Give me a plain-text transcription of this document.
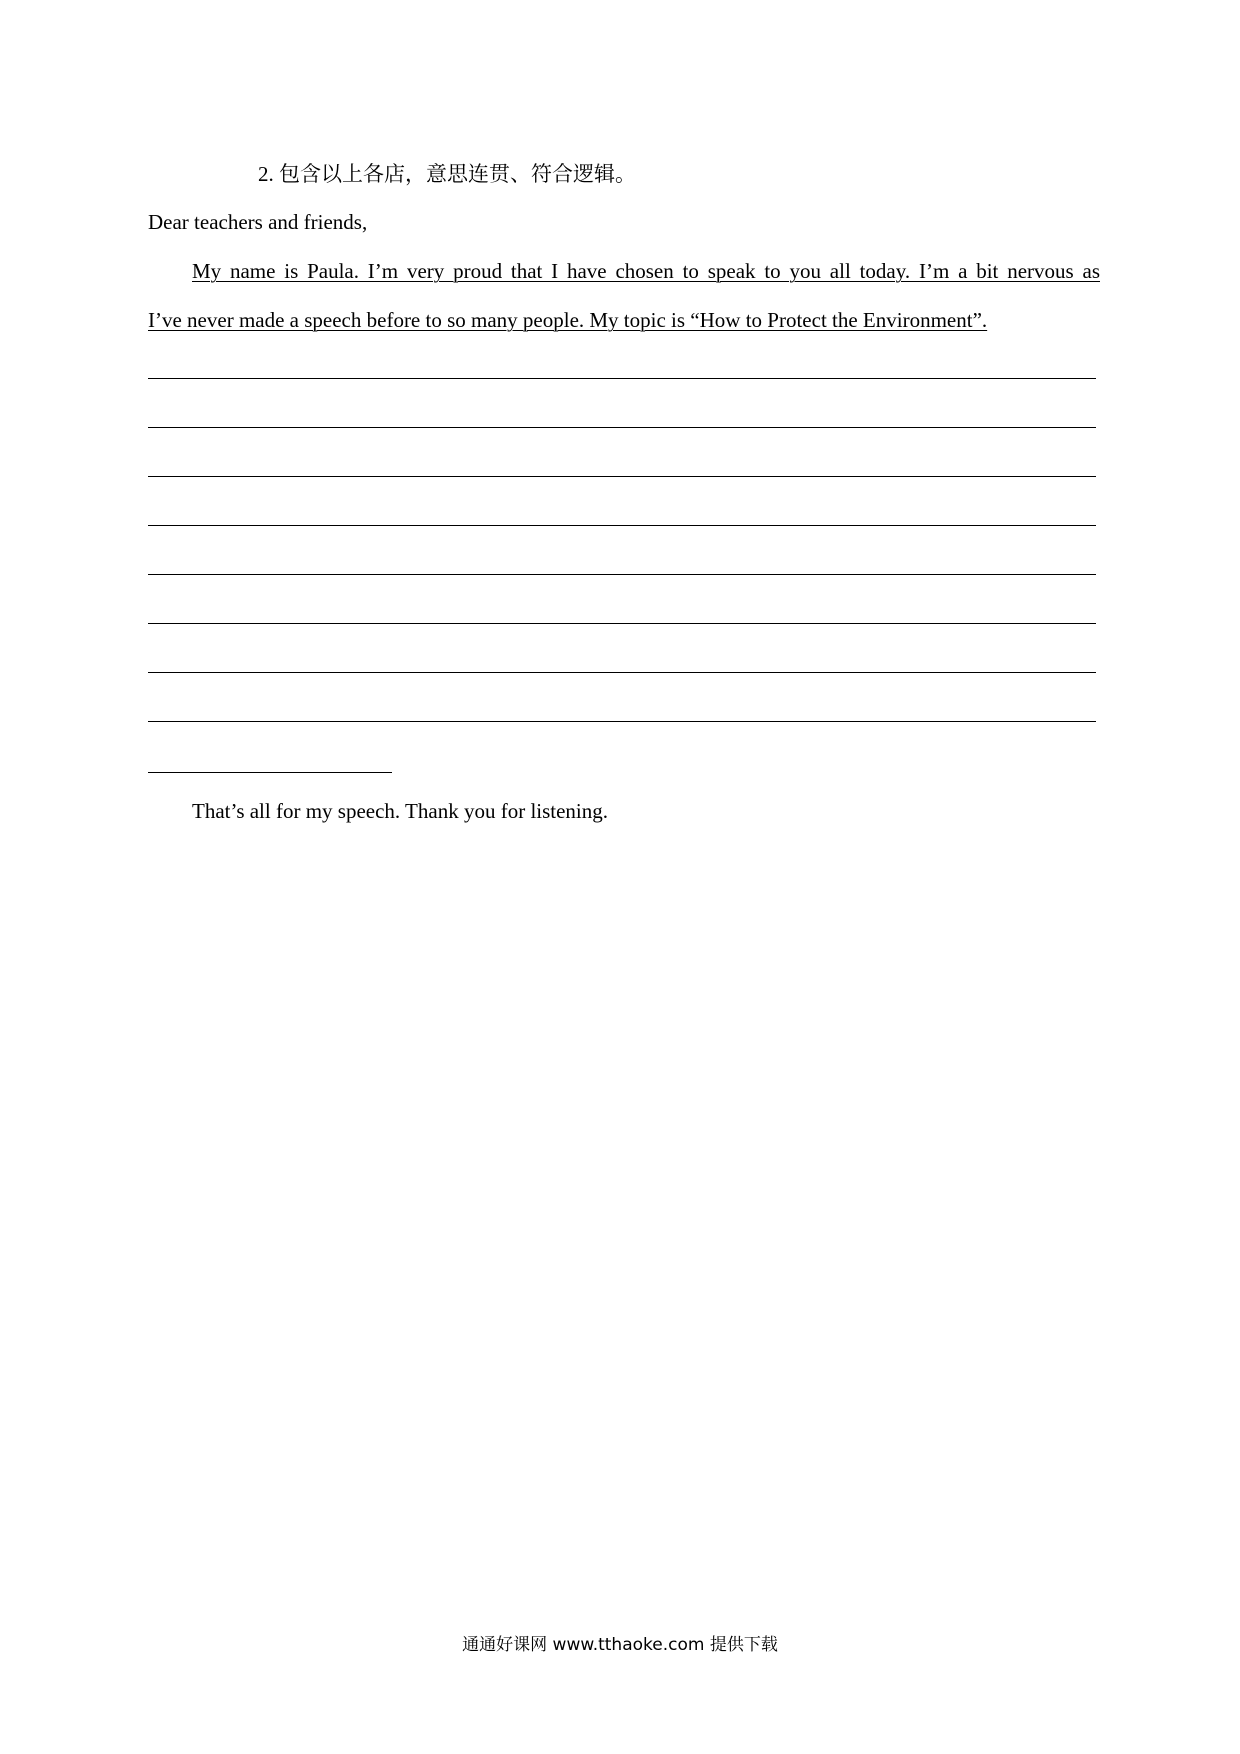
2. 包含以上各店，意思连贯、符合逻辑。
Dear teachers and friends,
My name is Paula. I’m very proud that I have chosen to speak to you all today. I’m a bit nervous as
I’ve never made a speech before to so many people. My topic is “How to Protect the Environment”.
That’s all for my speech. Thank you for listening.
通通好课网 www.tthaoke.com 提供下载
